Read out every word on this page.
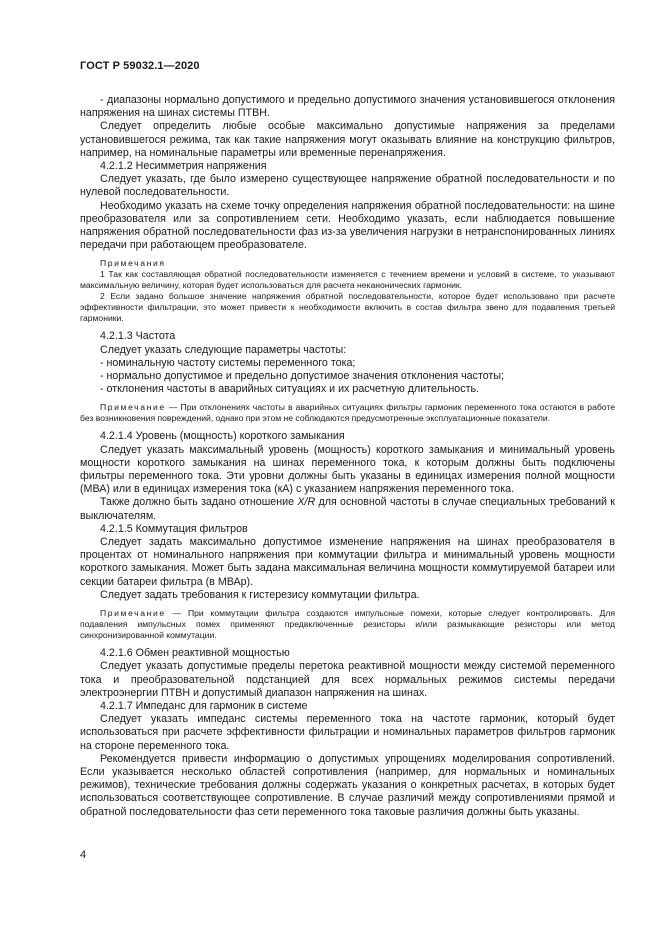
ГОСТ Р 59032.1—2020

- диапазоны нормально допустимого и предельно допустимого значения установившегося отклонения напряжения на шинах системы ПТВН.

Следует определить любые особые максимально допустимые напряжения за пределами установившегося режима, так как такие напряжения могут оказывать влияние на конструкцию фильтров, например, на номинальные параметры или временные перенапряжения.

4.2.1.2 Несимметрия напряжения

Следует указать, где было измерено существующее напряжение обратной последовательности и по нулевой последовательности.

Необходимо указать на схеме точку определения напряжения обратной последовательности: на шине преобразователя или за сопротивлением сети. Необходимо указать, если наблюдается повышение напряжения обратной последовательности фаз из-за увеличения нагрузки в нетранспонированных линиях передачи при работающем преобразователе.

Примечания

1 Так как составляющая обратной последовательности изменяется с течением времени и условий в системе, то указывают максимальную величину, которая будет использоваться для расчета неканонических гармоник.

2 Если задано большое значение напряжения обратной последовательности, которое будет использовано при расчете эффективности фильтрации, это может привести к необходимости включить в состав фильтра звено для подавления третьей гармоники.

4.2.1.3 Частота

Следует указать следующие параметры частоты:

- номинальную частоту системы переменного тока;

- нормально допустимое и предельно допустимое значения отклонения частоты;

- отклонения частоты в аварийных ситуациях и их расчетную длительность.

Примечание — При отклонениях частоты в аварийных ситуациях фильтры гармоник переменного тока остаются в работе без возникновения повреждений, однако при этом не соблюдаются предусмотренные эксплуатационные показатели.

4.2.1.4 Уровень (мощность) короткого замыкания

Следует указать максимальный уровень (мощность) короткого замыкания и минимальный уровень мощности короткого замыкания на шинах переменного тока, к которым должны быть подключены фильтры переменного тока. Эти уровни должны быть указаны в единицах измерения полной мощности (МВА) или в единицах измерения тока (кА) с указанием напряжения переменного тока.

Также должно быть задано отношение X/R для основной частоты в случае специальных требований к выключателям.

4.2.1.5 Коммутация фильтров

Следует задать максимально допустимое изменение напряжения на шинах преобразователя в процентах от номинального напряжения при коммутации фильтра и минимальный уровень мощности короткого замыкания. Может быть задана максимальная величина мощности коммутируемой батареи или секции батареи фильтра (в МВАр).

Следует задать требования к гистерезису коммутации фильтра.

Примечание — При коммутации фильтра создаются импульсные помехи, которые следует контролировать. Для подавления импульсных помех применяют предвключенные резисторы и/или размыкающие резисторы или метод синхронизированной коммутации.

4.2.1.6 Обмен реактивной мощностью

Следует указать допустимые пределы перетока реактивной мощности между системой переменного тока и преобразовательной подстанцией для всех нормальных режимов системы передачи электроэнергии ПТВН и допустимый диапазон напряжения на шинах.

4.2.1.7 Импеданс для гармоник в системе

Следует указать импеданс системы переменного тока на частоте гармоник, который будет использоваться при расчете эффективности фильтрации и номинальных параметров фильтров гармоник на стороне переменного тока.

Рекомендуется привести информацию о допустимых упрощениях моделирования сопротивлений. Если указывается несколько областей сопротивления (например, для нормальных и номинальных режимов), технические требования должны содержать указания о конкретных расчетах, в которых будет использоваться соответствующее сопротивление. В случае различий между сопротивлениями прямой и обратной последовательности фаз сети переменного тока таковые различия должны быть указаны.

4
